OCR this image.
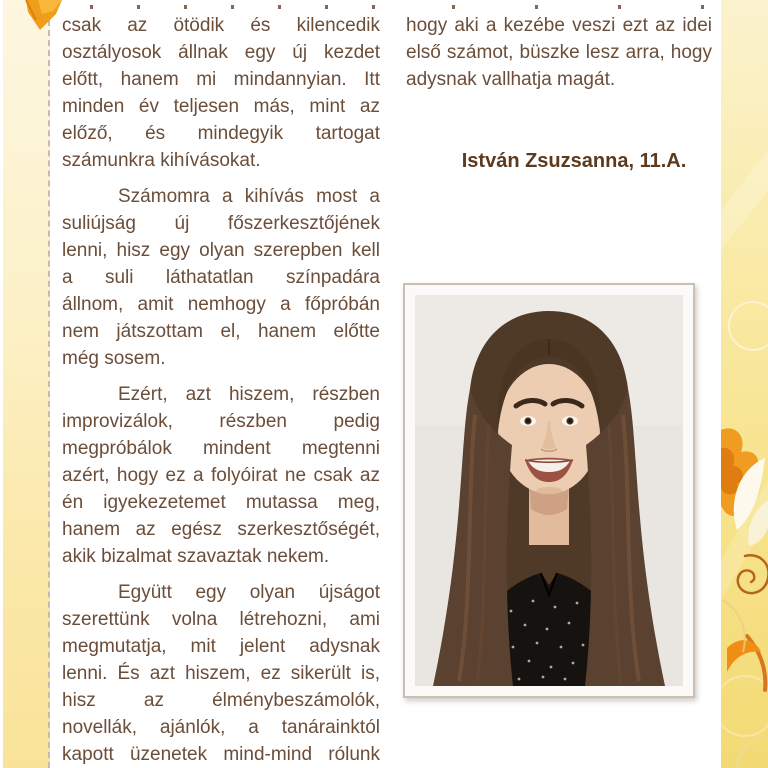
csak az ötödik és kilencedik
osztályosok állnak egy új kezdet
előtt, hanem mi mindannyian. Itt
minden év teljesen más, mint az
előző, és mindegyik tartogat
számunkra kihívásokat.

Számomra a kihívás most a
suliújság új főszerkesztőjének
lenni, hisz egy olyan szerepben kell
a suli láthatatlan színpadára
állnom, amit nemhogy a főpróbán
nem játszottam el, hanem előtte
még sosem.

Ezért, azt hiszem, részben
improvizálok, részben pedig
megpróbálok mindent megtenni
azért, hogy ez a folyóirat ne csak az
én igyekezetemet mutassa meg,
hanem az egész szerkesztőségét,
akik bizalmat szavaztak nekem.

Együtt egy olyan újságot
szerettünk volna létrehozni, ami
megmutatja, mit jelent adysnak
lenni. És azt hiszem, ez sikerült is,
hisz az élménybeszámolók,
novellák, ajánlók, a tanárainktól
kapott üzenetek mind-mind rólunk

hogy aki a kezébe veszi ezt az idei
első számot, büszke lesz arra, hogy
adysnak vallhatja magát.

István Zsuzsanna, 11.A.
